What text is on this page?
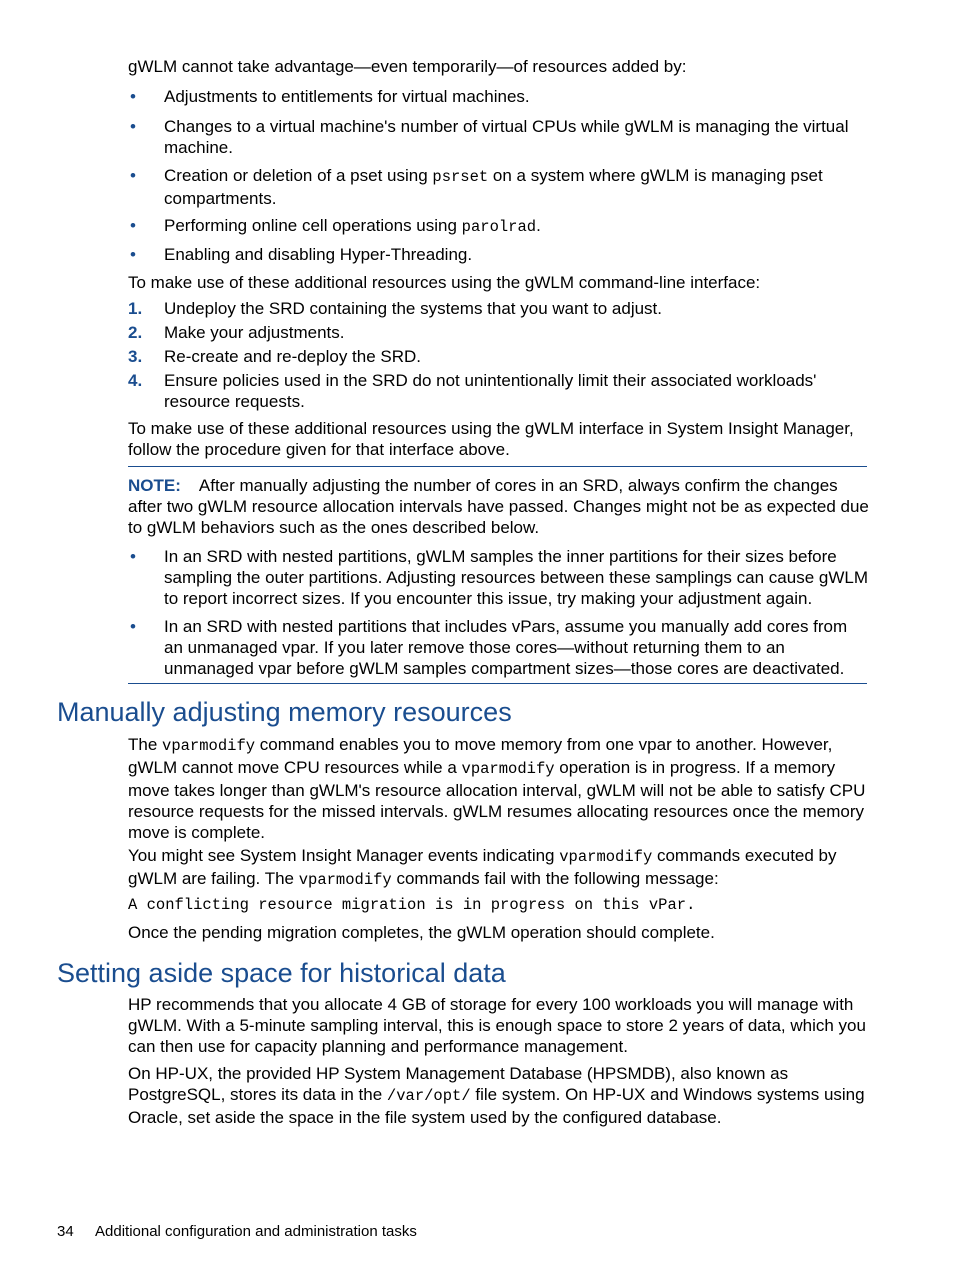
gWLM cannot take advantage—even temporarily—of resources added by:

• Adjustments to entitlements for virtual machines.
• Changes to a virtual machine's number of virtual CPUs while gWLM is managing the virtual machine.
• Creation or deletion of a pset using psrset on a system where gWLM is managing pset compartments.
• Performing online cell operations using parolrad.
• Enabling and disabling Hyper-Threading.

To make use of these additional resources using the gWLM command-line interface:

1. Undeploy the SRD containing the systems that you want to adjust.
2. Make your adjustments.
3. Re-create and re-deploy the SRD.
4. Ensure policies used in the SRD do not unintentionally limit their associated workloads' resource requests.

To make use of these additional resources using the gWLM interface in System Insight Manager, follow the procedure given for that interface above.

NOTE: After manually adjusting the number of cores in an SRD, always confirm the changes after two gWLM resource allocation intervals have passed. Changes might not be as expected due to gWLM behaviors such as the ones described below.

• In an SRD with nested partitions, gWLM samples the inner partitions for their sizes before sampling the outer partitions. Adjusting resources between these samplings can cause gWLM to report incorrect sizes. If you encounter this issue, try making your adjustment again.
• In an SRD with nested partitions that includes vPars, assume you manually add cores from an unmanaged vpar. If you later remove those cores—without returning them to an unmanaged vpar before gWLM samples compartment sizes—those cores are deactivated.
Manually adjusting memory resources

The vparmodify command enables you to move memory from one vpar to another. However, gWLM cannot move CPU resources while a vparmodify operation is in progress. If a memory move takes longer than gWLM's resource allocation interval, gWLM will not be able to satisfy CPU resource requests for the missed intervals. gWLM resumes allocating resources once the memory move is complete.

You might see System Insight Manager events indicating vparmodify commands executed by gWLM are failing. The vparmodify commands fail with the following message:

A conflicting resource migration is in progress on this vPar.

Once the pending migration completes, the gWLM operation should complete.

Setting aside space for historical data

HP recommends that you allocate 4 GB of storage for every 100 workloads you will manage with gWLM. With a 5-minute sampling interval, this is enough space to store 2 years of data, which you can then use for capacity planning and performance management.

On HP-UX, the provided HP System Management Database (HPSMDB), also known as PostgreSQL, stores its data in the /var/opt/ file system. On HP-UX and Windows systems using Oracle, set aside the space in the file system used by the configured database.

34 Additional configuration and administration tasks
